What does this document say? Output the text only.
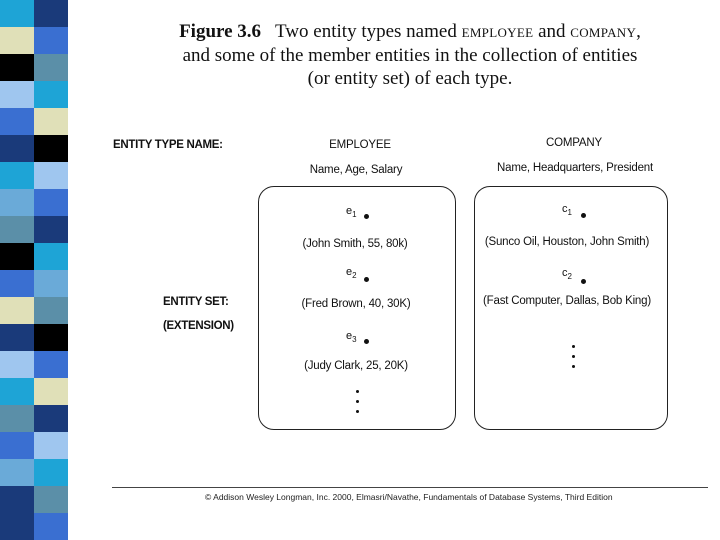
Figure 3.6 Two entity types named EMPLOYEE and COMPANY,
and some of the member entities in the collection of entities
(or entity set) of each type.
ENTITY TYPE NAME:
ENTITY SET:
(EXTENSION)
EMPLOYEE
Name, Age, Salary
COMPANY
Name, Headquarters, President
$e_1$
(John Smith, 55, 80k)
$e_2$
(Fred Brown, 40, 30K)
$e_3$
(Judy Clark, 25, 20K)
$c_1$
(Sunco Oil, Houston, John Smith)
$c_2$
(Fast Computer, Dallas, Bob King)
© Addison Wesley Longman, Inc. 2000, Elmasri/Navathe, Fundamentals of Database Systems, Third Edition
